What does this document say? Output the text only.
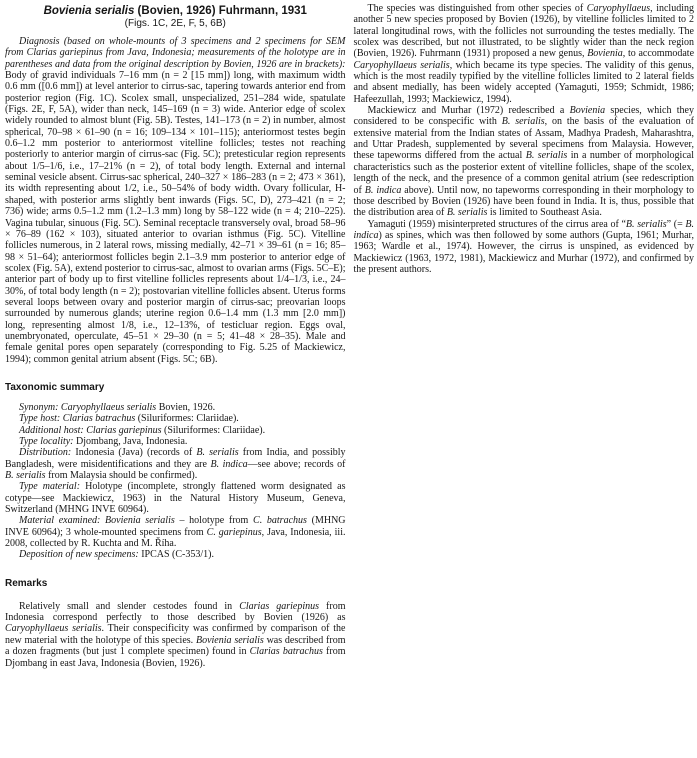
Bovienia serialis (Bovien, 1926) Fuhrmann, 1931
(Figs. 1C, 2E, F, 5, 6B)

Diagnosis (based on whole-mounts of 3 specimens and 2 specimens for SEM from Clarias gariepinus from Java, Indonesia; measurements of the holotype are in parentheses and data from the original description by Bovien, 1926 are in brackets): Body of gravid individuals 7–16 mm (n = 2 [15 mm]) long, with maximum width 0.6 mm ([0.6 mm]) at level anterior to cirrus-sac, tapering towards anterior end from posterior region (Fig. 1C). Scolex small, unspecialized, 251–284 wide, spatulate (Figs. 2E, F, 5A), wider than neck, 145–169 (n = 3) wide. Anterior edge of scolex widely rounded to almost blunt (Fig. 5B). Testes, 141–173 (n = 2) in number, almost spherical, 70–98 × 61–90 (n = 16; 109–134 × 101–115); anteriormost testes begin 0.6–1.2 mm posterior to anteriormost vitelline follicles; testes not reaching posteriorly to anterior margin of cirrus-sac (Fig. 5C); pretesticular region represents about 1/5–1/6, i.e., 17–21% (n = 2), of total body length. External and internal seminal vesicle absent. Cirrus-sac spherical, 240–327 × 186–283 (n = 2; 473 × 361), its width representing about 1/2, i.e., 50–54% of body width. Ovary follicular, H-shaped, with posterior arms slightly bent inwards (Figs. 5C, D), 273–421 (n = 2; 736) wide; arms 0.5–1.2 mm (1.2–1.3 mm) long by 58–122 wide (n = 4; 210–225). Vagina tubular, sinuous (Fig. 5C). Seminal receptacle transversely oval, broad 58–96 × 76–89 (162 × 103), situated anterior to ovarian isthmus (Fig. 5C). Vitelline follicles numerous, in 2 lateral rows, missing medially, 42–71 × 39–61 (n = 16; 85–98 × 51–64); anteriormost follicles begin 2.1–3.9 mm posterior to anterior edge of scolex (Fig. 5A), extend posterior to cirrus-sac, almost to ovarian arms (Figs. 5C–E); anterior part of body up to first vitelline follicles represents about 1/4–1/3, i.e., 24–30%, of total body length (n = 2); postovarian vitelline follicles absent. Uterus forms several loops between ovary and posterior margin of cirrus-sac; preovarian loops surrounded by numerous glands; uterine region 0.6–1.4 mm (1.3 mm [2.0 mm]) long, representing almost 1/8, i.e., 12–13%, of testicluar region. Eggs oval, unembryonated, operculate, 45–51 × 29–30 (n = 5; 41–48 × 28–35). Male and female genital pores open separately (corresponding to Fig. 5.25 of Mackiewicz, 1994); common genital atrium absent (Figs. 5C; 6B).

Taxonomic summary

Synonym: Caryophyllaeus serialis Bovien, 1926.

Type host: Clarias batrachus (Siluriformes: Clariidae).

Additional host: Clarias gariepinus (Siluriformes: Clariidae).

Type locality: Djombang, Java, Indonesia.

Distribution: Indonesia (Java) (records of B. serialis from India, and possibly Bangladesh, were misidentifications and they are B. indica—see above; records of B. serialis from Malaysia should be confirmed).

Type material: Holotype (incomplete, strongly flattened worm designated as cotype—see Mackiewicz, 1963) in the Natural History Museum, Geneva, Switzerland (MHNG INVE 60964).

Material examined: Bovienia serialis – holotype from C. batrachus (MHNG INVE 60964); 3 whole-mounted specimens from C. gariepinus, Java, Indonesia, iii. 2008, collected by R. Kuchta and M. Říha.

Deposition of new specimens: IPCAS (C-353/1).

Remarks

Relatively small and slender cestodes found in Clarias gariepinus from Indonesia correspond perfectly to those described by Bovien (1926) as Caryophyllaeus serialis. Their conspecificity was confirmed by comparison of the new material with the holotype of this species. Bovienia serialis was described from a dozen fragments (but just 1 complete specimen) found in Clarias batrachus from Djombang in east Java, Indonesia (Bovien, 1926).

The species was distinguished from other species of Caryophyllaeus, including another 5 new species proposed by Bovien (1926), by vitelline follicles limited to 2 lateral longitudinal rows, with the follicles not surrounding the testes medially. The scolex was described, but not illustrated, to be slightly wider than the neck region (Bovien, 1926). Fuhrmann (1931) proposed a new genus, Bovienia, to accommodate Caryophyllaeus serialis, which became its type species. The validity of this genus, which is the most readily typified by the vitelline follicles limited to 2 lateral fields and absent medially, has been widely accepted (Yamaguti, 1959; Schmidt, 1986; Hafeezullah, 1993; Mackiewicz, 1994).

Mackiewicz and Murhar (1972) redescribed a Bovienia species, which they considered to be conspecific with B. serialis, on the basis of the evaluation of extensive material from the Indian states of Assam, Madhya Pradesh, Maharashtra, and Uttar Pradesh, supplemented by several specimens from Malaysia. However, these tapeworms differed from the actual B. serialis in a number of morphological characteristics such as the posterior extent of vitelline follicles, shape of the scolex, length of the neck, and the presence of a common genital atrium (see redescription of B. indica above). Until now, no tapeworms corresponding in their morphology to those described by Bovien (1926) have been found in India. It is, thus, possible that the distribution area of B. serialis is limited to Southeast Asia.

Yamaguti (1959) misinterpreted structures of the cirrus area of “B. serialis” (= B. indica) as spines, which was then followed by some authors (Gupta, 1961; Murhar, 1963; Wardle et al., 1974). However, the cirrus is unspined, as evidenced by Mackiewicz (1963, 1972, 1981), Mackiewicz and Murhar (1972), and confirmed by the present authors.
